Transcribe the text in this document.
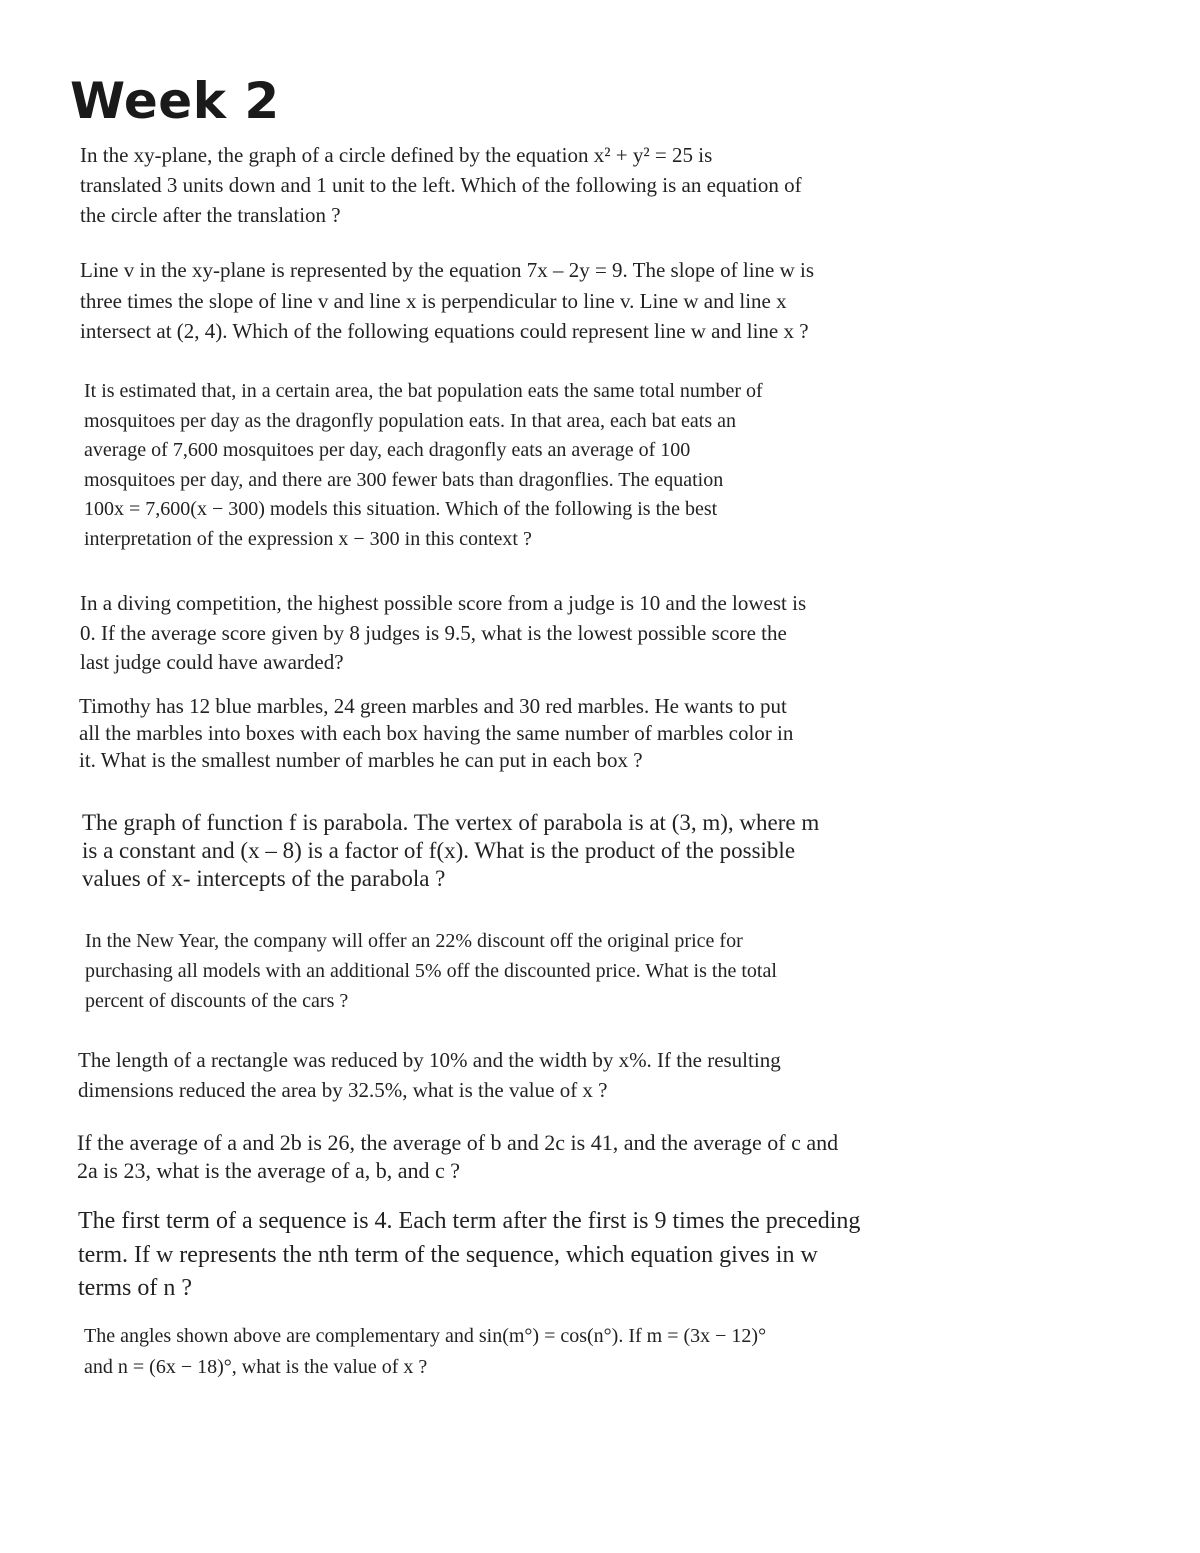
Week 2
In the xy-plane, the graph of a circle defined by the equation x² + y² = 25 is
translated 3 units down and 1 unit to the left. Which of the following is an equation of
the circle after the translation ?
Line v in the xy-plane is represented by the equation 7x – 2y = 9. The slope of line w is
three times the slope of line v and line x is perpendicular to line v. Line w and line x
intersect at (2, 4). Which of the following equations could represent line w and line x ?
It is estimated that, in a certain area, the bat population eats the same total number of
mosquitoes per day as the dragonfly population eats. In that area, each bat eats an
average of 7,600 mosquitoes per day, each dragonfly eats an average of 100
mosquitoes per day, and there are 300 fewer bats than dragonflies. The equation
100x = 7,600(x − 300) models this situation. Which of the following is the best
interpretation of the expression x − 300 in this context ?
In a diving competition, the highest possible score from a judge is 10 and the lowest is
0. If the average score given by 8 judges is 9.5, what is the lowest possible score the
last judge could have awarded?
Timothy has 12 blue marbles, 24 green marbles and 30 red marbles. He wants to put
all the marbles into boxes with each box having the same number of marbles color in
it. What is the smallest number of marbles he can put in each box ?
The graph of function f is parabola. The vertex of parabola is at (3, m), where m
is a constant and (x – 8) is a factor of f(x). What is the product of the possible
values of x- intercepts of the parabola ?
In the New Year, the company will offer an 22% discount off the original price for
purchasing all models with an additional 5% off the discounted price. What is the total
percent of discounts of the cars ?
The length of a rectangle was reduced by 10% and the width by x%. If the resulting
dimensions reduced the area by 32.5%, what is the value of x ?
If the average of a and 2b is 26, the average of b and 2c is 41, and the average of c and
2a is 23, what is the average of a, b, and c ?
The first term of a sequence is 4. Each term after the first is 9 times the preceding
term. If w represents the nth term of the sequence, which equation gives in w
terms of n ?
The angles shown above are complementary and sin(m°) = cos(n°). If m = (3x − 12)°
and n = (6x − 18)°, what is the value of x ?
